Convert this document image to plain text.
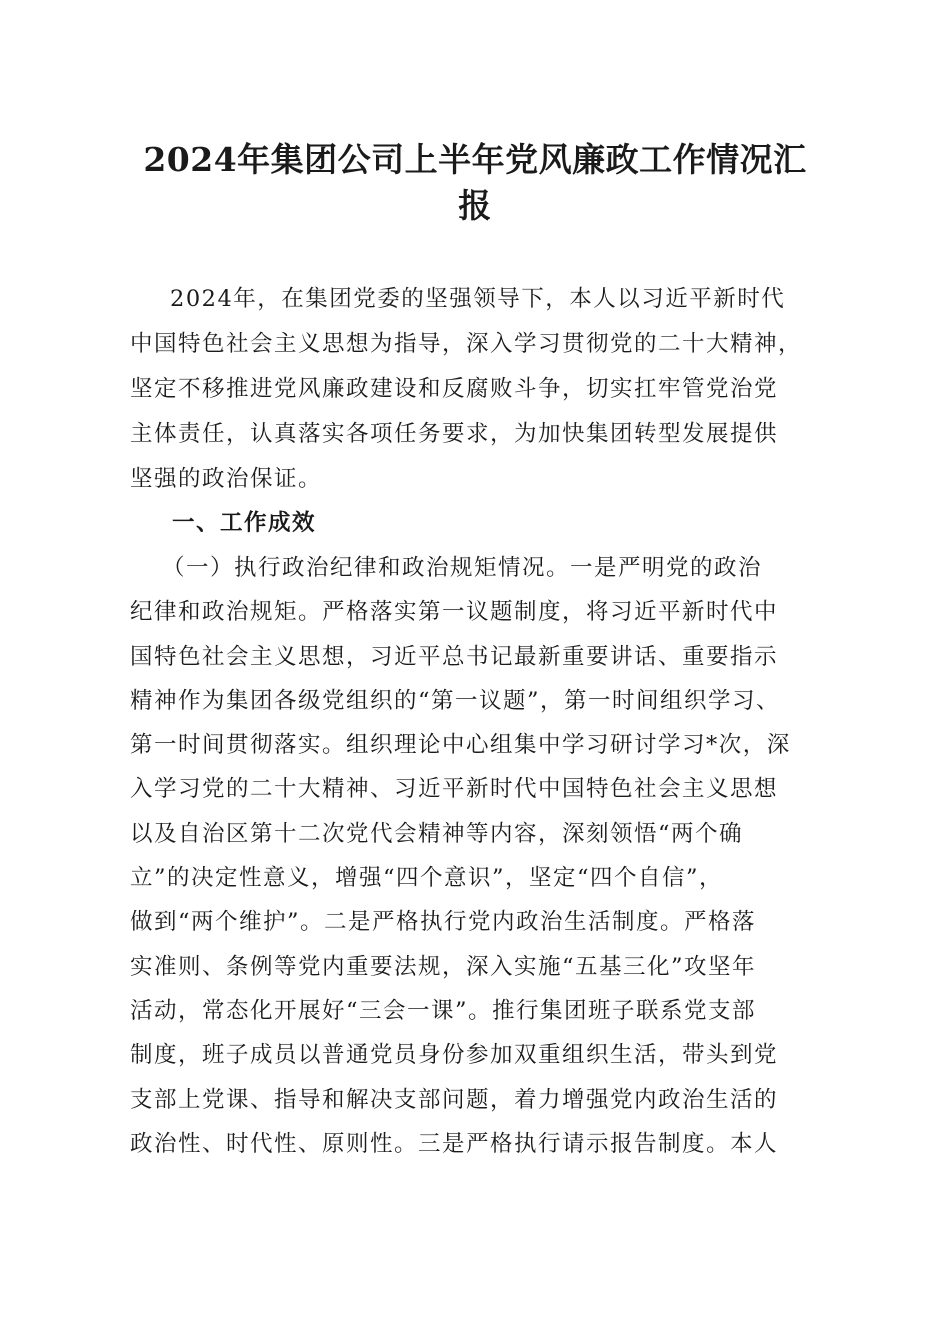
2024年集团公司上半年党风廉政工作情况汇
报

2024年，在集团党委的坚强领导下，本人以习近平新时代

中国特色社会主义思想为指导，深入学习贯彻党的二十大精神，

坚定不移推进党风廉政建设和反腐败斗争，切实扛牢管党治党

主体责任，认真落实各项任务要求，为加快集团转型发展提供

坚强的政治保证。

一、工作成效

（一）执行政治纪律和政治规矩情况。一是严明党的政治

纪律和政治规矩。严格落实第一议题制度，将习近平新时代中

国特色社会主义思想，习近平总书记最新重要讲话、重要指示

精神作为集团各级党组织的“第一议题”，第一时间组织学习、

第一时间贯彻落实。组织理论中心组集中学习研讨学习*次，深

入学习党的二十大精神、习近平新时代中国特色社会主义思想

以及自治区第十二次党代会精神等内容，深刻领悟“两个确

立”的决定性意义，增强“四个意识”，坚定“四个自信”，

做到“两个维护”。二是严格执行党内政治生活制度。严格落

实准则、条例等党内重要法规，深入实施“五基三化”攻坚年

活动，常态化开展好“三会一课”。推行集团班子联系党支部

制度，班子成员以普通党员身份参加双重组织生活，带头到党

支部上党课、指导和解决支部问题，着力增强党内政治生活的

政治性、时代性、原则性。三是严格执行请示报告制度。本人
